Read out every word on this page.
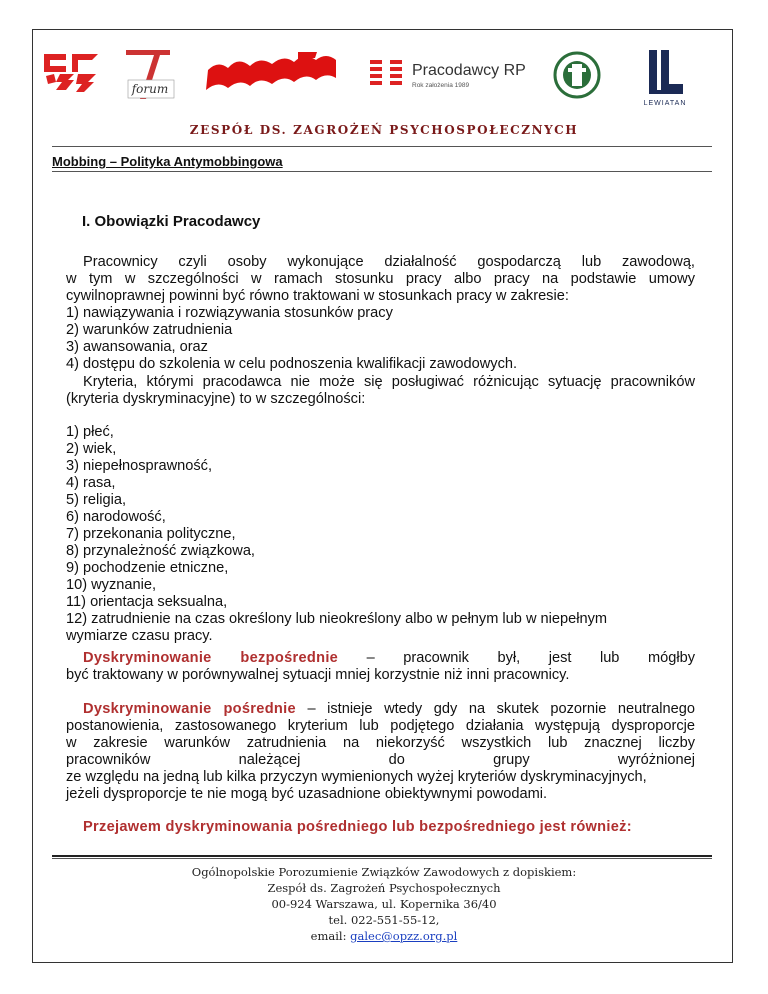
forum
Pracodawcy RP
Rok założenia 1989
LEWIATAN
ZESPÓŁ DS. ZAGROŻEŃ PSYCHOSPOŁECZNYCH
Mobbing – Polityka Antymobbingowa
I. Obowiązki Pracodawcy

Pracownicy czyli osoby wykonujące działalność gospodarczą lub zawodową,

w tym w szczególności w ramach stosunku pracy albo pracy na podstawie umowy

cywilnoprawnej powinni być równo traktowani w stosunkach pracy w zakresie:

1) nawiązywania i rozwiązywania stosunków pracy

2) warunków zatrudnienia

3) awansowania, oraz

4) dostępu do szkolenia w celu podnoszenia kwalifikacji zawodowych.

Kryteria, którymi pracodawca nie może się posługiwać różnicując sytuację pracowników (kryteria dyskryminacyjne) to w szczególności:

1) płeć,

2) wiek,

3) niepełnosprawność,

4) rasa,

5) religia,

6) narodowość,

7) przekonania polityczne,

8) przynależność związkowa,

9) pochodzenie etniczne,

10) wyznanie,

11) orientacja seksualna,

12) zatrudnienie na czas określony lub nieokreślony albo w pełnym lub w niepełnym

wymiarze czasu pracy.

Dyskryminowanie bezpośrednie – pracownik był, jest lub mógłby

być traktowany w porównywalnej sytuacji mniej korzystnie niż inni pracownicy.

Dyskryminowanie pośrednie – istnieje wtedy gdy na skutek pozornie neutralnego

postanowienia, zastosowanego kryterium lub podjętego działania występują dysproporcje

w zakresie warunków zatrudnienia na niekorzyść wszystkich lub znacznej liczby

pracowników należącej do grupy wyróżnionej

ze względu na jedną lub kilka przyczyn wymienionych wyżej kryteriów dyskryminacyjnych,

jeżeli dysproporcje te nie mogą być uzasadnione obiektywnymi powodami.

Przejawem dyskryminowania pośredniego lub bezpośredniego jest również:

Ogólnopolskie Porozumienie Związków Zawodowych z dopiskiem:
Zespół ds. Zagrożeń Psychospołecznych
00-924 Warszawa, ul. Kopernika 36/40
tel. 022-551-55-12,
email: galec@opzz.org.pl
